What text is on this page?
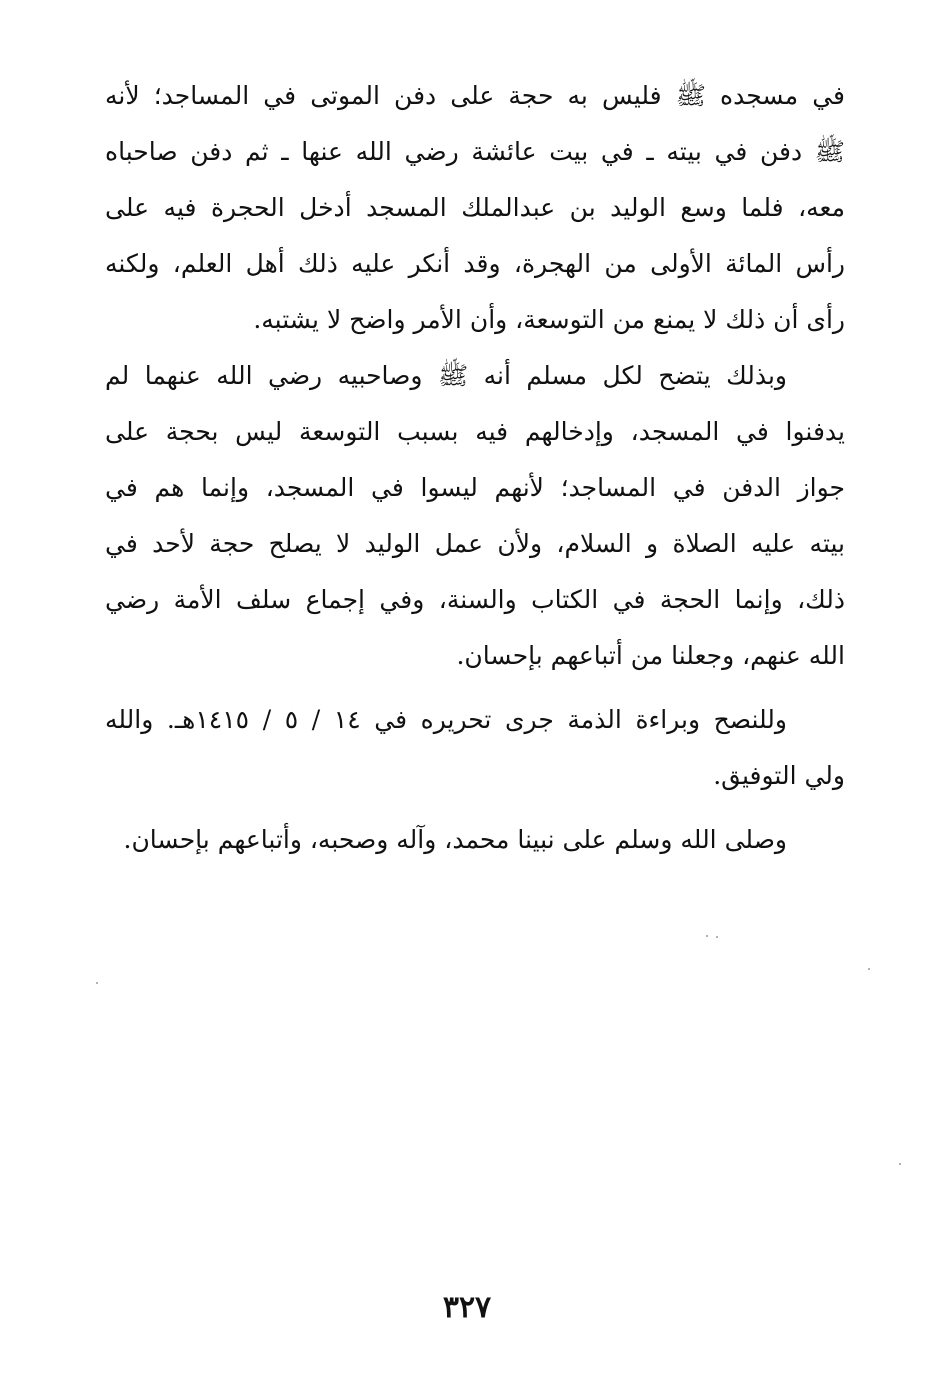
في مسجده ﷺ فليس به حجة على دفن الموتى في المساجد؛ لأنه
ﷺ دفن في بيته ـ في بيت عائشة رضي الله عنها ـ ثم دفن صاحباه
معه، فلما وسع الوليد بن عبدالملك المسجد أدخل الحجرة فيه على
رأس المائة الأولى من الهجرة، وقد أنكر عليه ذلك أهل العلم، ولكنه
رأى أن ذلك لا يمنع من التوسعة، وأن الأمر واضح لا يشتبه.
وبذلك يتضح لكل مسلم أنه ﷺ وصاحبيه رضي الله عنهما لم
يدفنوا في المسجد، وإدخالهم فيه بسبب التوسعة ليس بحجة على
جواز الدفن في المساجد؛ لأنهم ليسوا في المسجد، وإنما هم في
بيته عليه الصلاة و السلام، ولأن عمل الوليد لا يصلح حجة لأحد في
ذلك، وإنما الحجة في الكتاب والسنة، وفي إجماع سلف الأمة رضي
الله عنهم، وجعلنا من أتباعهم بإحسان.
وللنصح وبراءة الذمة جرى تحريره في ١٤ / ٥ / ١٤١٥هـ. والله
ولي التوفيق.
وصلى الله وسلم على نبينا محمد، وآله وصحبه، وأتباعهم بإحسان.
٣٢٧
